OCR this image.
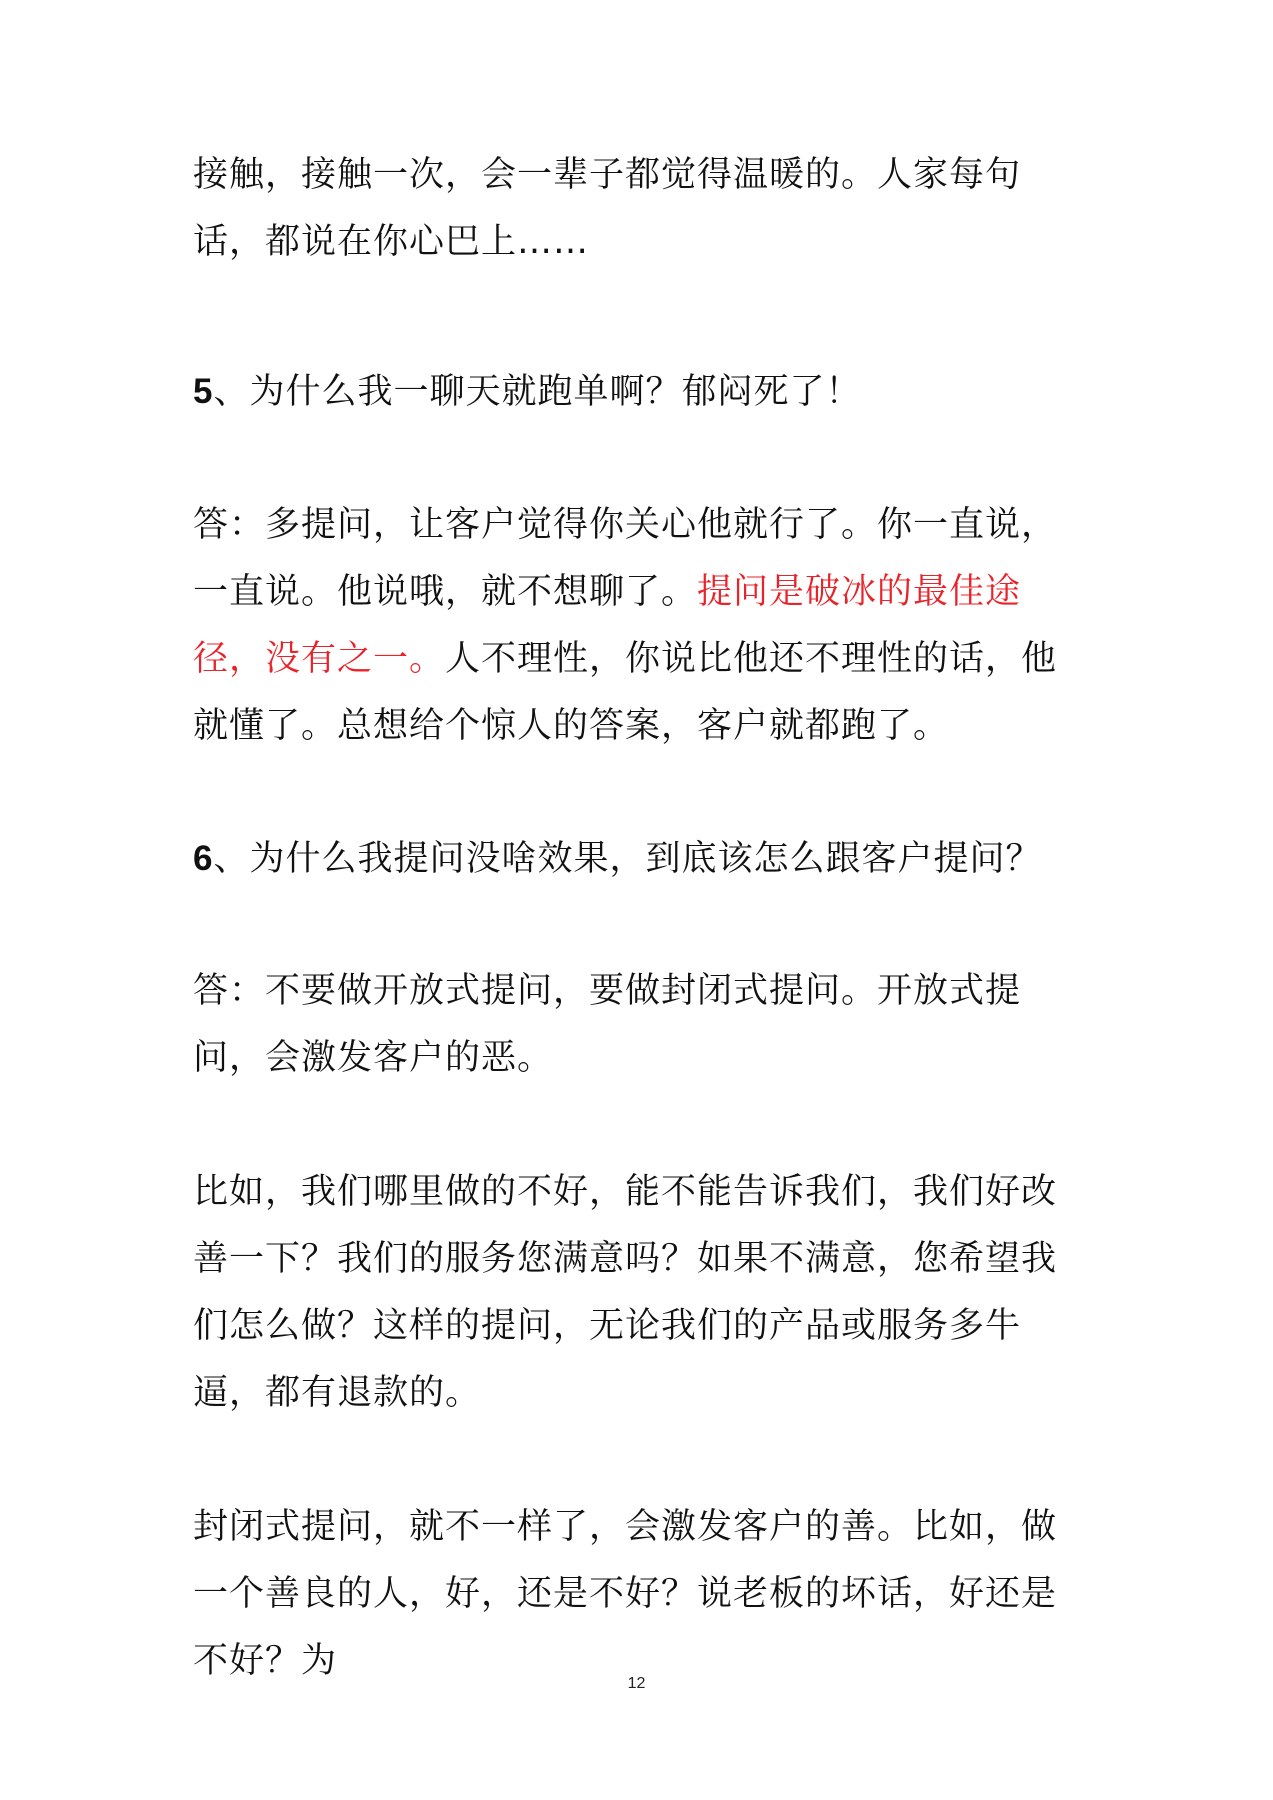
接触，接触一次，会一辈子都觉得温暖的。人家每句话，都说在你心巴上……

5、为什么我一聊天就跑单啊？郁闷死了！

答：多提问，让客户觉得你关心他就行了。你一直说，一直说。他说哦，就不想聊了。提问是破冰的最佳途径，没有之一。人不理性，你说比他还不理性的话，他就懂了。总想给个惊人的答案，客户就都跑了。

6、为什么我提问没啥效果，到底该怎么跟客户提问？

答：不要做开放式提问，要做封闭式提问。开放式提问，会激发客户的恶。

比如，我们哪里做的不好，能不能告诉我们，我们好改善一下？我们的服务您满意吗？如果不满意，您希望我们怎么做？这样的提问，无论我们的产品或服务多牛逼，都有退款的。

封闭式提问，就不一样了，会激发客户的善。比如，做一个善良的人，好，还是不好？说老板的坏话，好还是不好？为

12
